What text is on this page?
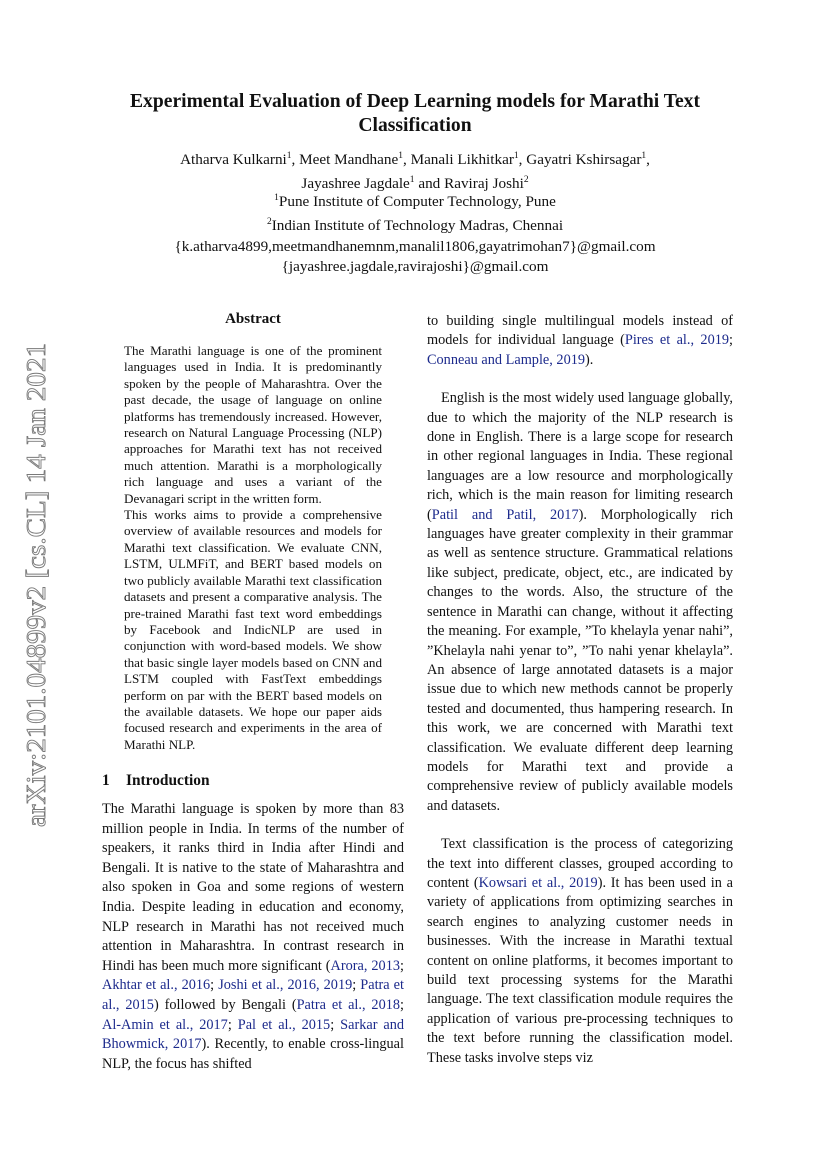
arXiv:2101.04899v2 [cs.CL] 14 Jan 2021
Experimental Evaluation of Deep Learning models for Marathi Text
Classification
Atharva Kulkarni$^1$, Meet Mandhane$^1$, Manali Likhitkar$^1$, Gayatri Kshirsagar$^1$,
Jayashree Jagdale$^1$ and Raviraj Joshi$^2$
$^1$Pune Institute of Computer Technology, Pune
$^2$Indian Institute of Technology Madras, Chennai
{k.atharva4899,meetmandhanemnm,manalil1806,gayatrimohan7}@gmail.com
{jayashree.jagdale,ravirajoshi}@gmail.com
Abstract

The Marathi language is one of the prominent languages used in India. It is predominantly spoken by the people of Maharashtra. Over the past decade, the usage of language on online platforms has tremendously increased. However, research on Natural Language Processing (NLP) approaches for Marathi text has not received much attention. Marathi is a morphologically rich language and uses a variant of the Devanagari script in the written form.

This works aims to provide a comprehensive overview of available resources and models for Marathi text classification. We evaluate CNN, LSTM, ULMFiT, and BERT based models on two publicly available Marathi text classification datasets and present a comparative analysis. The pre-trained Marathi fast text word embeddings by Facebook and IndicNLP are used in conjunction with word-based models. We show that basic single layer models based on CNN and LSTM coupled with FastText embeddings perform on par with the BERT based models on the available datasets. We hope our paper aids focused research and experiments in the area of Marathi NLP.

1 Introduction

The Marathi language is spoken by more than 83 million people in India. In terms of the number of speakers, it ranks third in India after Hindi and Bengali. It is native to the state of Maharashtra and also spoken in Goa and some regions of western India. Despite leading in education and economy, NLP research in Marathi has not received much attention in Maharashtra. In contrast research in Hindi has been much more significant (Arora, 2013; Akhtar et al., 2016; Joshi et al., 2016, 2019; Patra et al., 2015) followed by Bengali (Patra et al., 2018; Al-Amin et al., 2017; Pal et al., 2015; Sarkar and Bhowmick, 2017). Recently, to enable cross-lingual NLP, the focus has shifted

to building single multilingual models instead of models for individual language (Pires et al., 2019; Conneau and Lample, 2019).

English is the most widely used language globally, due to which the majority of the NLP research is done in English. There is a large scope for research in other regional languages in India. These regional languages are a low resource and morphologically rich, which is the main reason for limiting research (Patil and Patil, 2017). Morphologically rich languages have greater complexity in their grammar as well as sentence structure. Grammatical relations like subject, predicate, object, etc., are indicated by changes to the words. Also, the structure of the sentence in Marathi can change, without it affecting the meaning. For example, ”To khelayla yenar nahi”, ”Khelayla nahi yenar to”, ”To nahi yenar khelayla”. An absence of large annotated datasets is a major issue due to which new methods cannot be properly tested and documented, thus hampering research. In this work, we are concerned with Marathi text classification. We evaluate different deep learning models for Marathi text and provide a comprehensive review of publicly available models and datasets.

Text classification is the process of categorizing the text into different classes, grouped according to content (Kowsari et al., 2019). It has been used in a variety of applications from optimizing searches in search engines to analyzing customer needs in businesses. With the increase in Marathi textual content on online platforms, it becomes important to build text processing systems for the Marathi language. The text classification module requires the application of various pre-processing techniques to the text before running the classification model. These tasks involve steps viz
